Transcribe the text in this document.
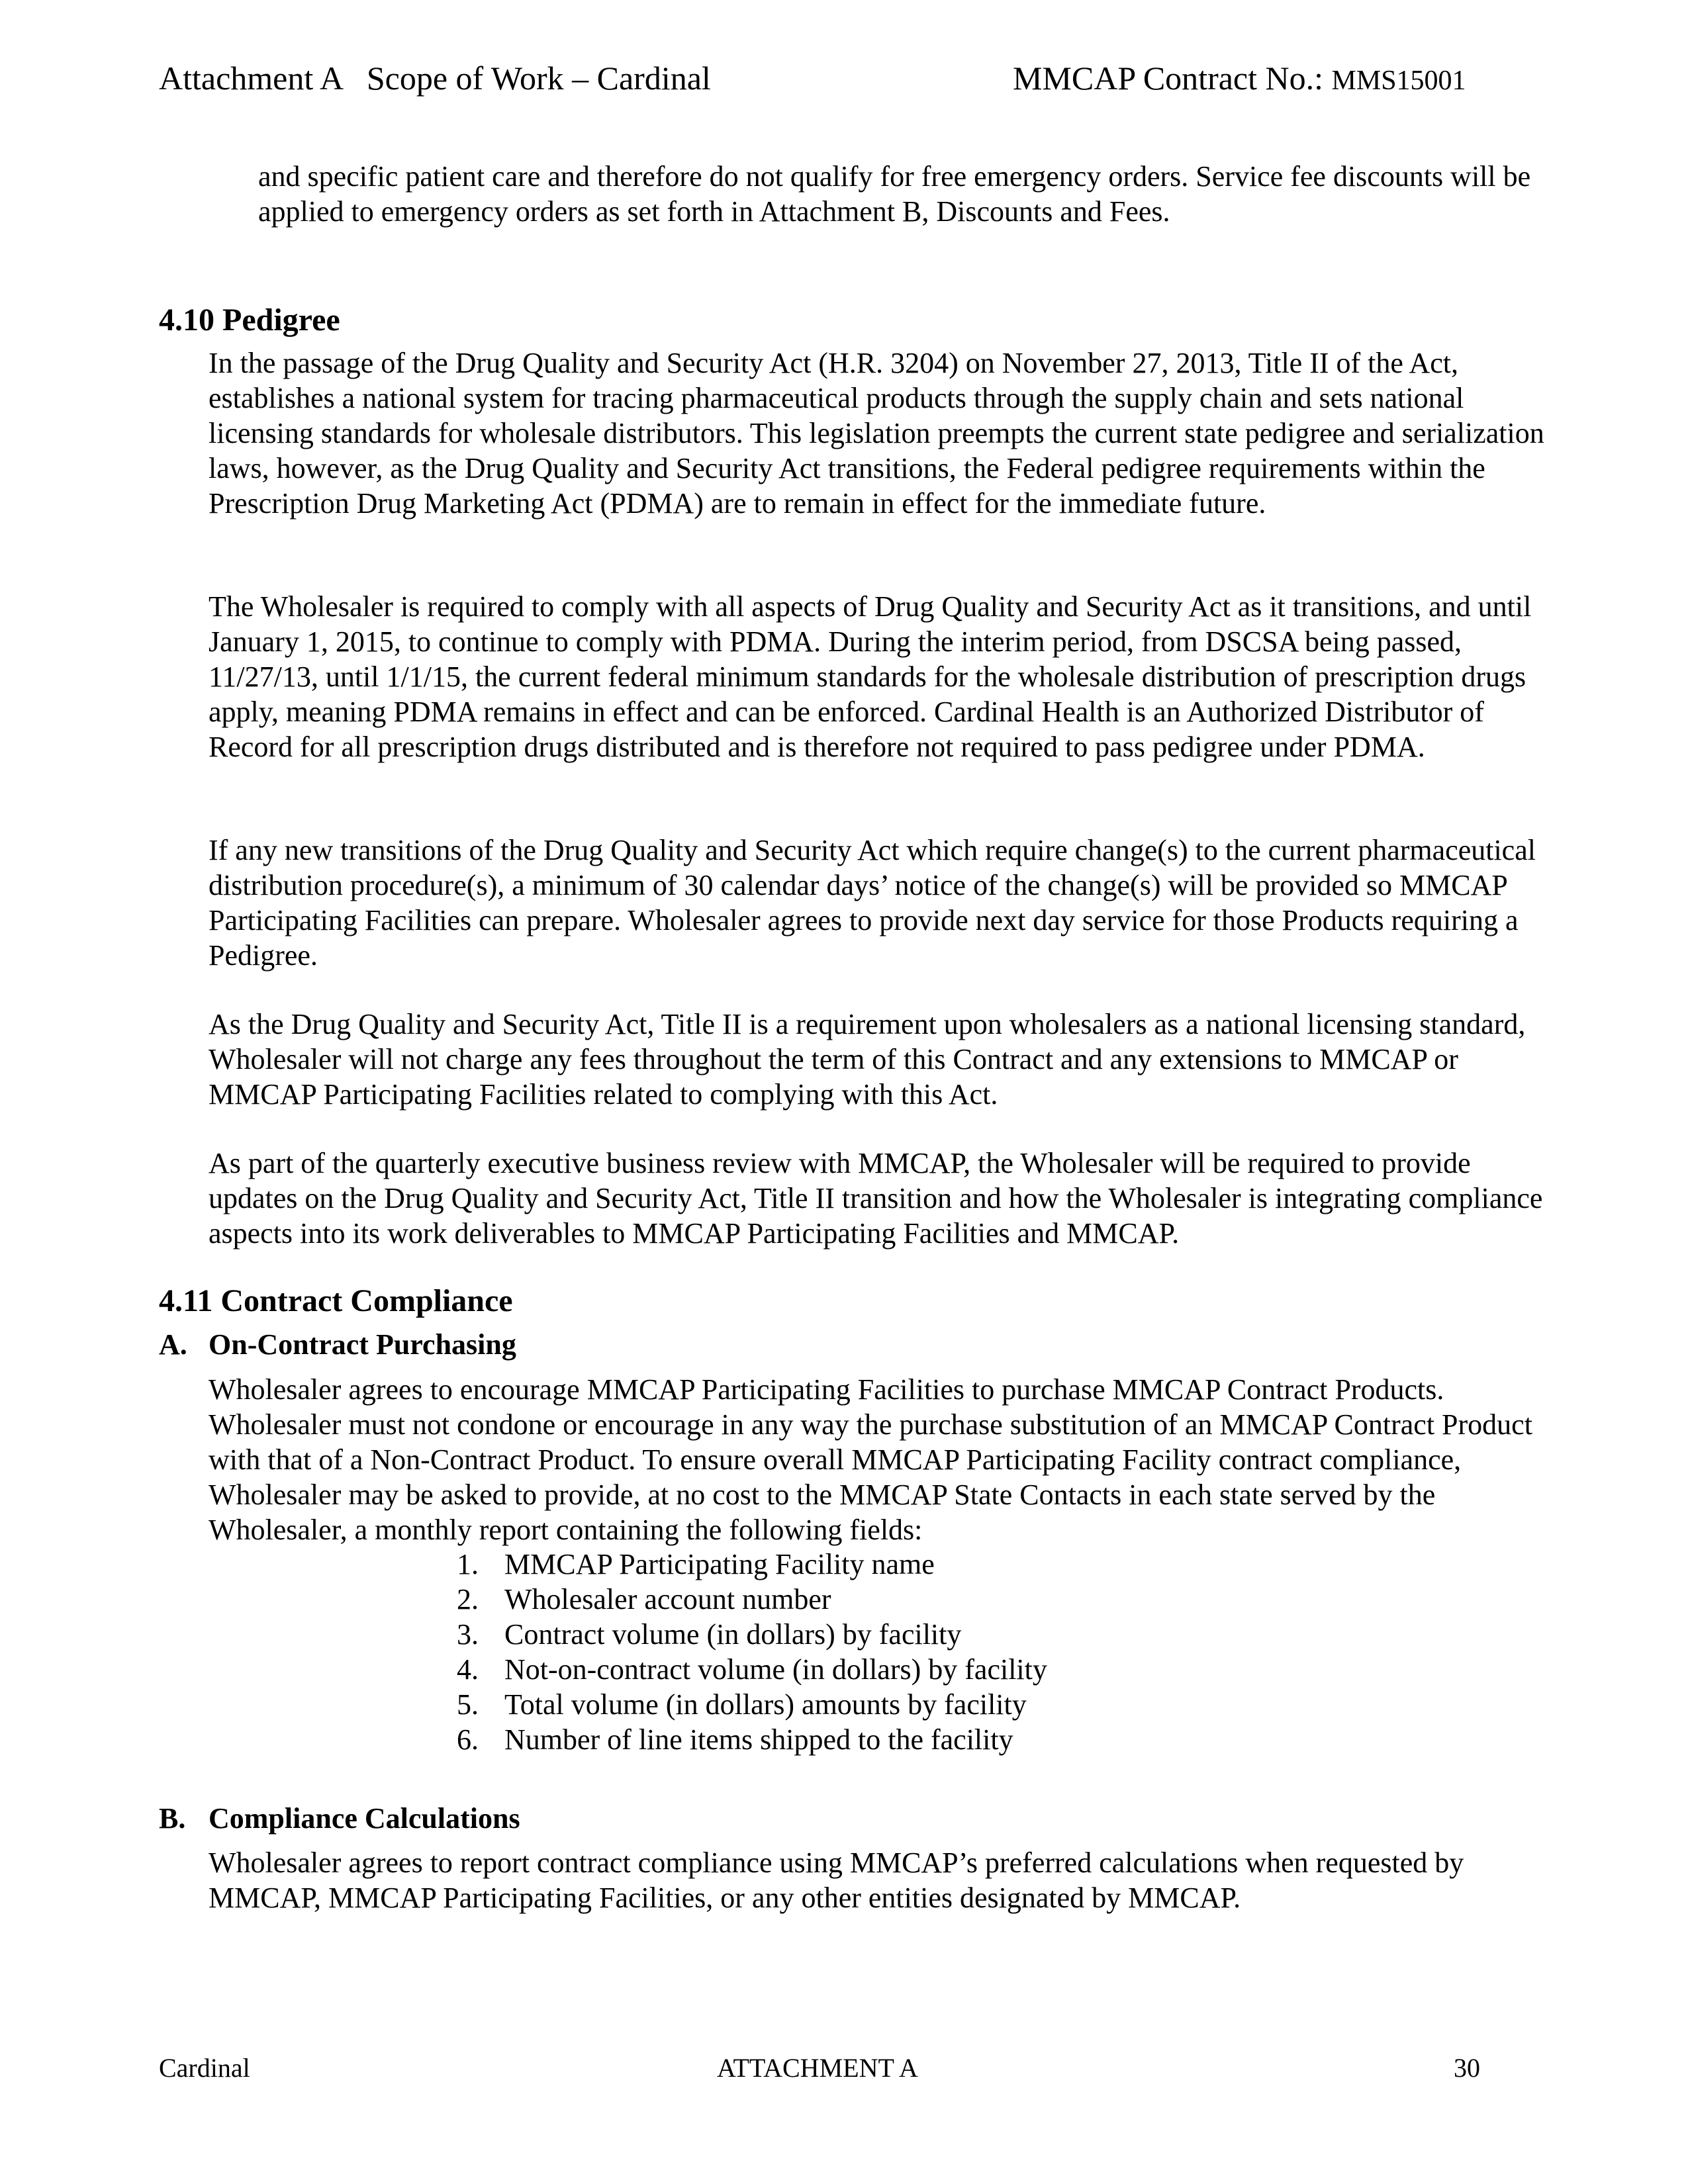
Attachment A   Scope of Work – Cardinal	MMCAP Contract No.: MMS15001

and specific patient care and therefore do not qualify for free emergency orders. Service fee discounts will be applied to emergency orders as set forth in Attachment B, Discounts and Fees.

4.10 Pedigree

In the passage of the Drug Quality and Security Act (H.R. 3204) on November 27, 2013, Title II of the Act, establishes a national system for tracing pharmaceutical products through the supply chain and sets national licensing standards for wholesale distributors. This legislation preempts the current state pedigree and serialization laws, however, as the Drug Quality and Security Act transitions, the Federal pedigree requirements within the Prescription Drug Marketing Act (PDMA) are to remain in effect for the immediate future.

The Wholesaler is required to comply with all aspects of Drug Quality and Security Act as it transitions, and until January 1, 2015, to continue to comply with PDMA. During the interim period, from DSCSA being passed, 11/27/13, until 1/1/15, the current federal minimum standards for the wholesale distribution of prescription drugs apply, meaning PDMA remains in effect and can be enforced. Cardinal Health is an Authorized Distributor of Record for all prescription drugs distributed and is therefore not required to pass pedigree under PDMA.

If any new transitions of the Drug Quality and Security Act which require change(s) to the current pharmaceutical distribution procedure(s), a minimum of 30 calendar days’ notice of the change(s) will be provided so MMCAP Participating Facilities can prepare. Wholesaler agrees to provide next day service for those Products requiring a Pedigree.

As the Drug Quality and Security Act, Title II is a requirement upon wholesalers as a national licensing standard, Wholesaler will not charge any fees throughout the term of this Contract and any extensions to MMCAP or MMCAP Participating Facilities related to complying with this Act.

As part of the quarterly executive business review with MMCAP, the Wholesaler will be required to provide updates on the Drug Quality and Security Act, Title II transition and how the Wholesaler is integrating compliance aspects into its work deliverables to MMCAP Participating Facilities and MMCAP.

4.11 Contract Compliance
A. On-Contract Purchasing

Wholesaler agrees to encourage MMCAP Participating Facilities to purchase MMCAP Contract Products. Wholesaler must not condone or encourage in any way the purchase substitution of an MMCAP Contract Product with that of a Non-Contract Product. To ensure overall MMCAP Participating Facility contract compliance, Wholesaler may be asked to provide, at no cost to the MMCAP State Contacts in each state served by the Wholesaler, a monthly report containing the following fields:

1. MMCAP Participating Facility name
2. Wholesaler account number
3. Contract volume (in dollars) by facility
4. Not-on-contract volume (in dollars) by facility
5. Total volume (in dollars) amounts by facility
6. Number of line items shipped to the facility
B. Compliance Calculations

Wholesaler agrees to report contract compliance using MMCAP’s preferred calculations when requested by MMCAP, MMCAP Participating Facilities, or any other entities designated by MMCAP.

Cardinal	ATTACHMENT A	30
